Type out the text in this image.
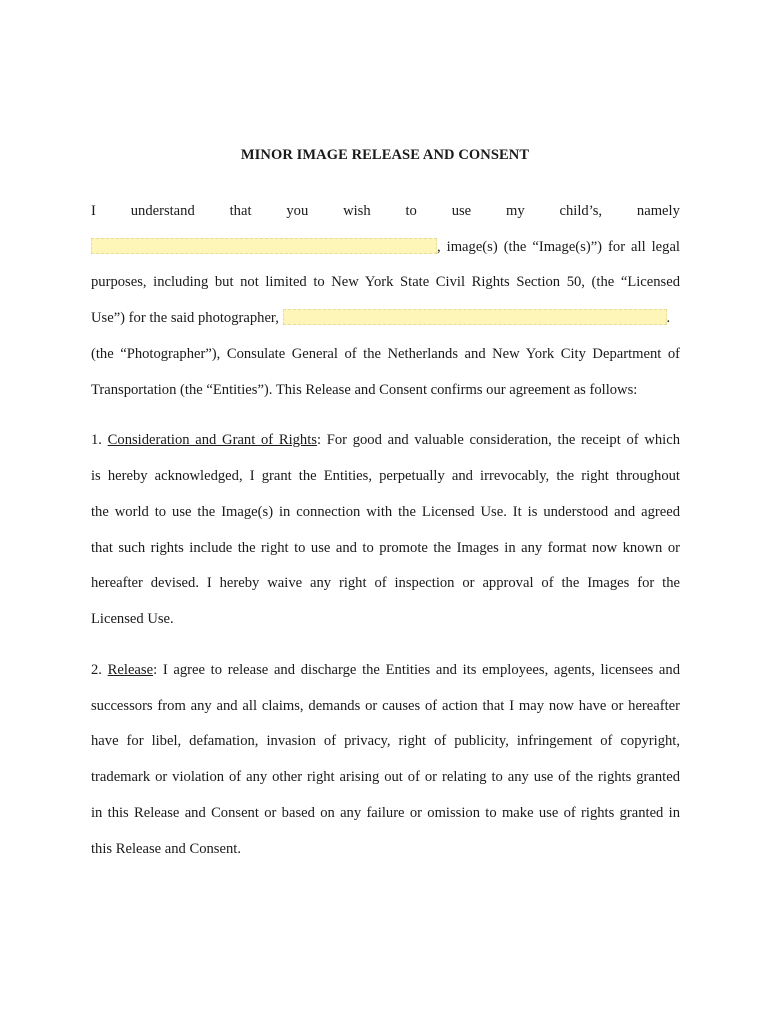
MINOR IMAGE RELEASE AND CONSENT
I understand that you wish to use my child’s, namely
, image(s) (the “Image(s)”) for all legal
purposes, including but not limited to New York State Civil Rights Section 50, (the “Licensed
Use”) for the said photographer,	.
(the “Photographer”), Consulate General of the Netherlands and New York City Department of
Transportation (the “Entities”). This Release and Consent confirms our agreement as follows:
1. Consideration and Grant of Rights: For good and valuable consideration, the receipt of which
is hereby acknowledged, I grant the Entities, perpetually and irrevocably, the right throughout
the world to use the Image(s) in connection with the Licensed Use. It is understood and agreed
that such rights include the right to use and to promote the Images in any format now known or
hereafter devised. I hereby waive any right of inspection or approval of the Images for the
Licensed Use.
2. Release: I agree to release and discharge the Entities and its employees, agents, licensees and
successors from any and all claims, demands or causes of action that I may now have or hereafter
have for libel, defamation, invasion of privacy, right of publicity, infringement of copyright,
trademark or violation of any other right arising out of or relating to any use of the rights granted
in this Release and Consent or based on any failure or omission to make use of rights granted in
this Release and Consent.
